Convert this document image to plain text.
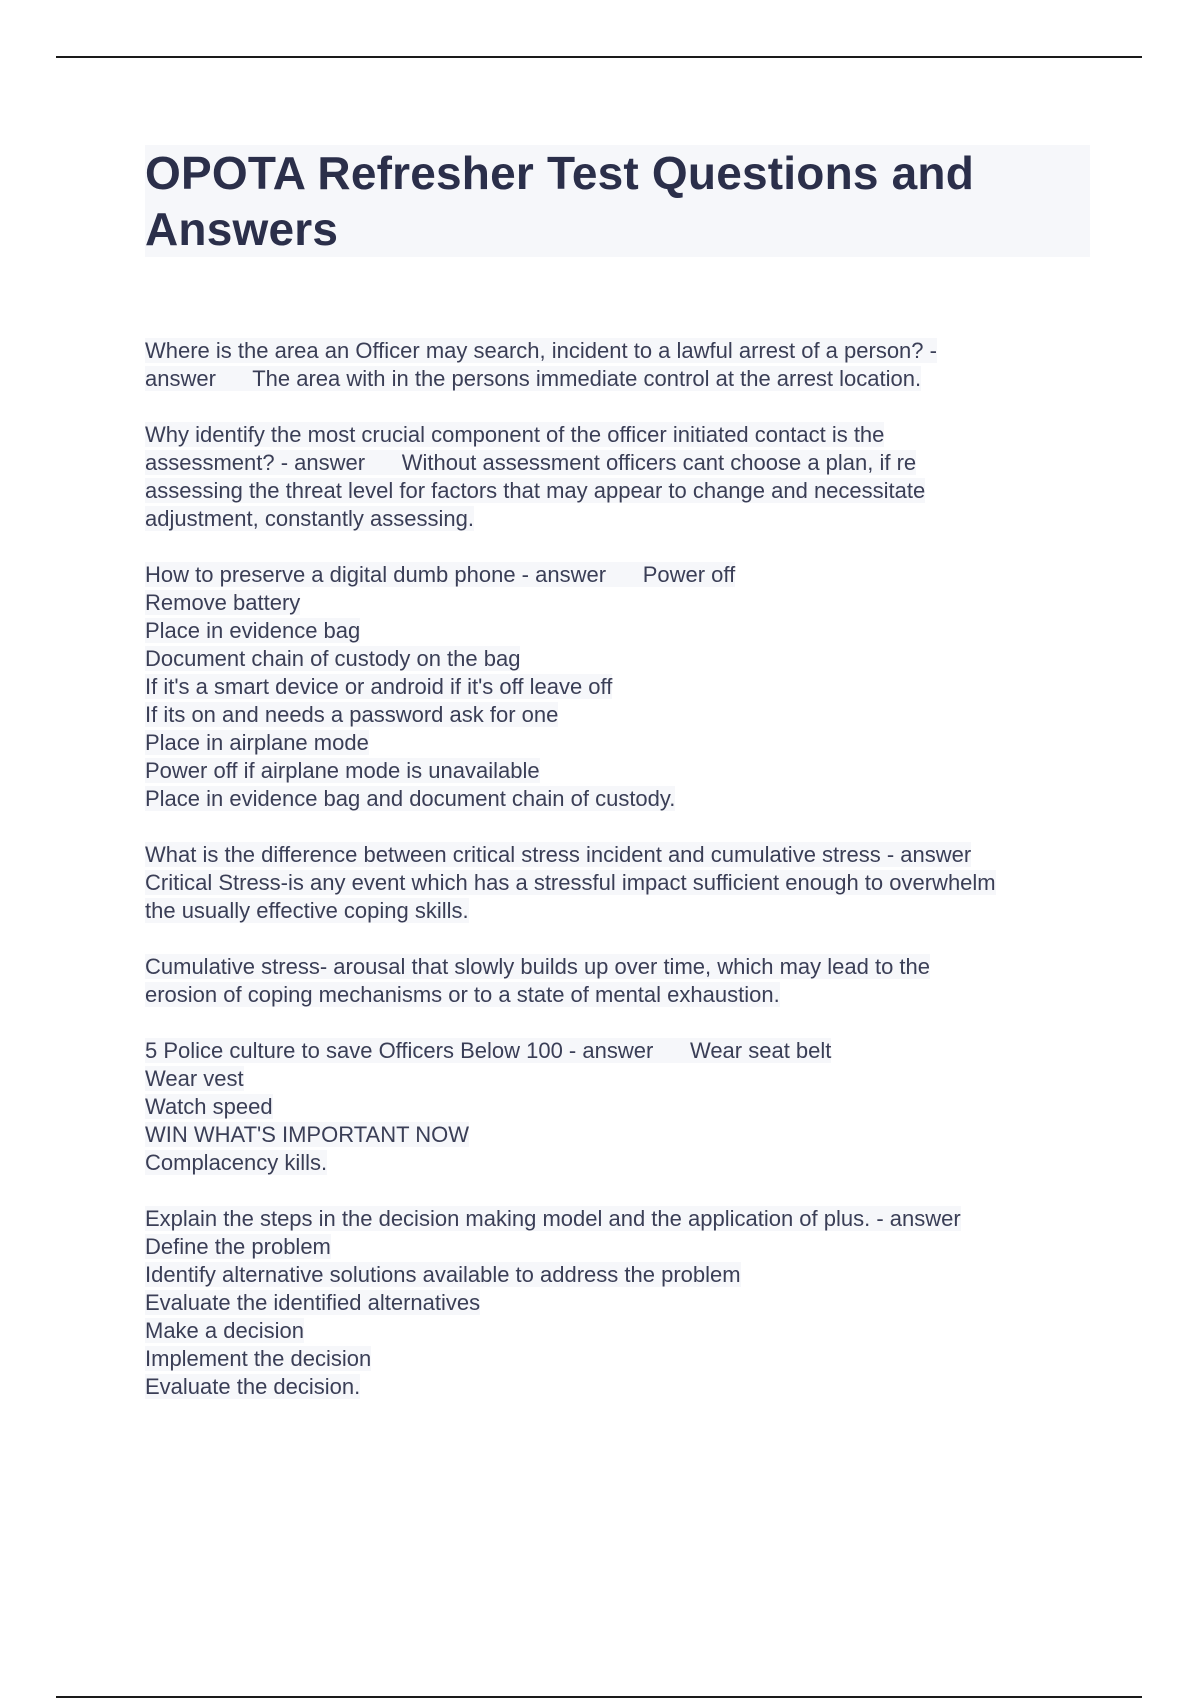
OPOTA Refresher Test Questions and
Answers
Where is the area an Officer may search, incident to a lawful arrest of a person? -
answer      The area with in the persons immediate control at the arrest location.
Why identify the most crucial component of the officer initiated contact is the
assessment? - answer      Without assessment officers cant choose a plan, if re
assessing the threat level for factors that may appear to change and necessitate
adjustment, constantly assessing.
How to preserve a digital dumb phone - answer      Power off
Remove battery
Place in evidence bag
Document chain of custody on the bag
If it's a smart device or android if it's off leave off
If its on and needs a password ask for one
Place in airplane mode
Power off if airplane mode is unavailable
Place in evidence bag and document chain of custody.
What is the difference between critical stress incident and cumulative stress - answer
Critical Stress-is any event which has a stressful impact sufficient enough to overwhelm
the usually effective coping skills.
Cumulative stress- arousal that slowly builds up over time, which may lead to the
erosion of coping mechanisms or to a state of mental exhaustion.
5 Police culture to save Officers Below 100 - answer      Wear seat belt
Wear vest
Watch speed
WIN WHAT'S IMPORTANT NOW
Complacency kills.
Explain the steps in the decision making model and the application of plus. - answer
Define the problem
Identify alternative solutions available to address the problem
Evaluate the identified alternatives
Make a decision
Implement the decision
Evaluate the decision.
